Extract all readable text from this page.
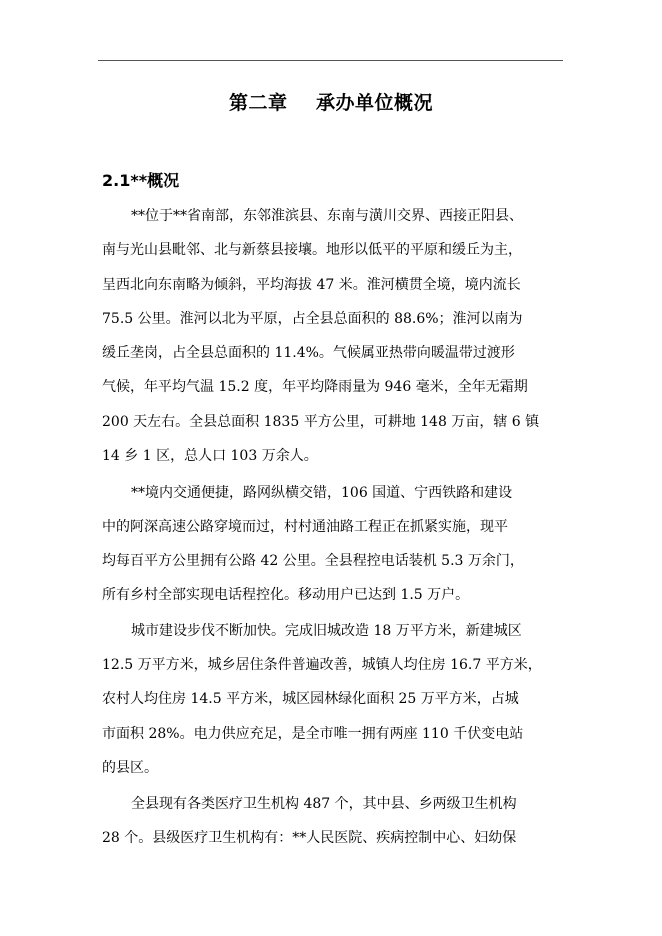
第二章    承办单位概况
2.1**概况
**位于**省南部，东邻淮滨县、东南与潢川交界、西接正阳县、
南与光山县毗邻、北与新蔡县接壤。地形以低平的平原和缓丘为主，
呈西北向东南略为倾斜，平均海拔 47 米。淮河横贯全境，境内流长
75.5 公里。淮河以北为平原，占全县总面积的 88.6%；淮河以南为
缓丘垄岗，占全县总面积的 11.4%。气候属亚热带向暖温带过渡形
气候，年平均气温 15.2 度，年平均降雨量为 946 毫米，全年无霜期
200 天左右。全县总面积 1835 平方公里，可耕地 148 万亩，辖 6 镇
14 乡 1 区，总人口 103 万余人。
**境内交通便捷，路网纵横交错，106 国道、宁西铁路和建设
中的阿深高速公路穿境而过，村村通油路工程正在抓紧实施，现平
均每百平方公里拥有公路 42 公里。全县程控电话装机 5.3 万余门，
所有乡村全部实现电话程控化。移动用户已达到 1.5 万户。
城市建设步伐不断加快。完成旧城改造 18 万平方米，新建城区
12.5 万平方米，城乡居住条件普遍改善，城镇人均住房 16.7 平方米，
农村人均住房 14.5 平方米，城区园林绿化面积 25 万平方米，占城
市面积 28%。电力供应充足，是全市唯一拥有两座 110 千伏变电站
的县区。
全县现有各类医疗卫生机构 487 个，其中县、乡两级卫生机构
28 个。县级医疗卫生机构有：**人民医院、疾病控制中心、妇幼保
